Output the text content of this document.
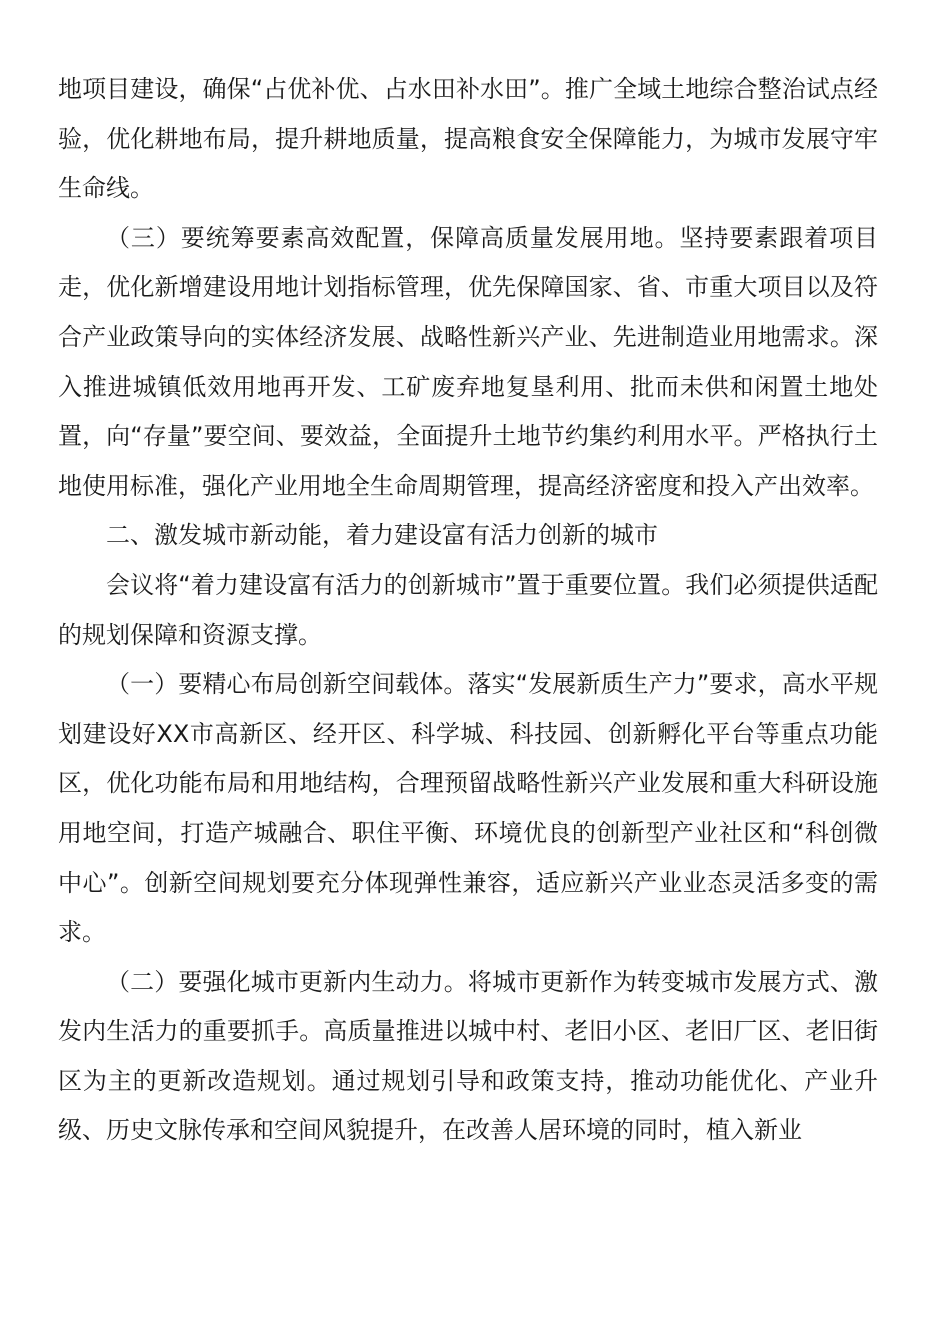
地项目建设，确保“占优补优、占水田补水田”。推广全域土地综合整治试点经验，优化耕地布局，提升耕地质量，提高粮食安全保障能力，为城市发展守牢生命线。

（三）要统筹要素高效配置，保障高质量发展用地。坚持要素跟着项目走，优化新增建设用地计划指标管理，优先保障国家、省、市重大项目以及符合产业政策导向的实体经济发展、战略性新兴产业、先进制造业用地需求。深入推进城镇低效用地再开发、工矿废弃地复垦利用、批而未供和闲置土地处置，向“存量”要空间、要效益，全面提升土地节约集约利用水平。严格执行土地使用标准，强化产业用地全生命周期管理，提高经济密度和投入产出效率。

二、激发城市新动能，着力建设富有活力创新的城市

会议将“着力建设富有活力的创新城市”置于重要位置。我们必须提供适配的规划保障和资源支撑。

（一）要精心布局创新空间载体。落实“发展新质生产力”要求，高水平规划建设好XX市高新区、经开区、科学城、科技园、创新孵化平台等重点功能区，优化功能布局和用地结构，合理预留战略性新兴产业发展和重大科研设施用地空间，打造产城融合、职住平衡、环境优良的创新型产业社区和“科创微中心”。创新空间规划要充分体现弹性兼容，适应新兴产业业态灵活多变的需求。

（二）要强化城市更新内生动力。将城市更新作为转变城市发展方式、激发内生活力的重要抓手。高质量推进以城中村、老旧小区、老旧厂区、老旧街区为主的更新改造规划。通过规划引导和政策支持，推动功能优化、产业升级、历史文脉传承和空间风貌提升，在改善人居环境的同时，植入新业
